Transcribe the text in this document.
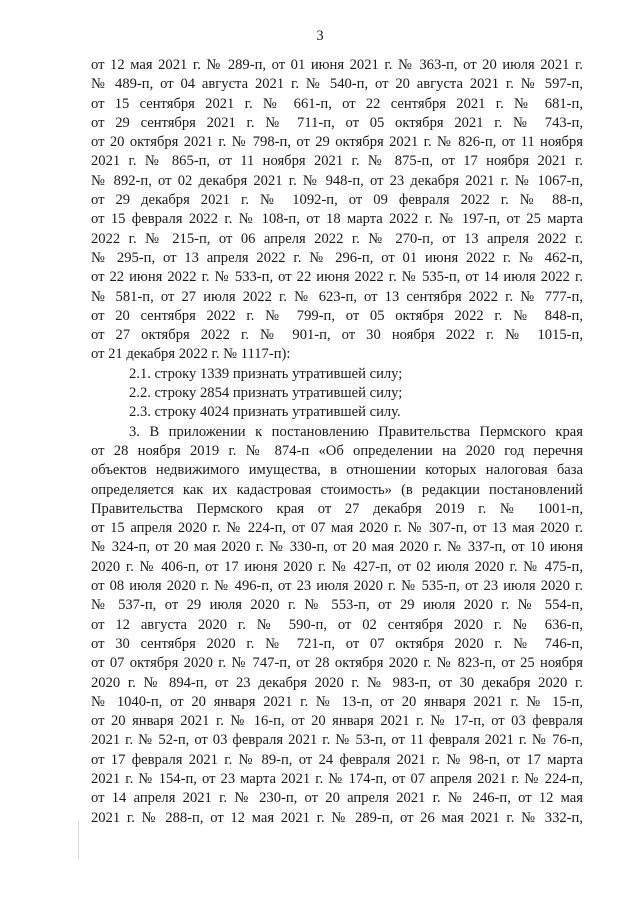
3
от 12 мая 2021 г. № 289-п, от 01 июня 2021 г. № 363-п, от 20 июля 2021 г.
№ 489-п, от 04 августа 2021 г. № 540-п, от 20 августа 2021 г. № 597-п,
от 15 сентября 2021 г. № 661-п, от 22 сентября 2021 г. № 681-п,
от 29 сентября 2021 г. № 711-п, от 05 октября 2021 г. № 743-п,
от 20 октября 2021 г. № 798-п, от 29 октября 2021 г. № 826-п, от 11 ноября
2021 г. № 865-п, от 11 ноября 2021 г. № 875-п, от 17 ноября 2021 г.
№ 892-п, от 02 декабря 2021 г. № 948-п, от 23 декабря 2021 г. № 1067-п,
от 29 декабря 2021 г. № 1092-п, от 09 февраля 2022 г. № 88-п,
от 15 февраля 2022 г. № 108-п, от 18 марта 2022 г. № 197-п, от 25 марта
2022 г. № 215-п, от 06 апреля 2022 г. № 270-п, от 13 апреля 2022 г.
№ 295-п, от 13 апреля 2022 г. № 296-п, от 01 июня 2022 г. № 462-п,
от 22 июня 2022 г. № 533-п, от 22 июня 2022 г. № 535-п, от 14 июля 2022 г.
№ 581-п, от 27 июля 2022 г. № 623-п, от 13 сентября 2022 г. № 777-п,
от 20 сентября 2022 г. № 799-п, от 05 октября 2022 г. № 848-п,
от 27 октября 2022 г. № 901-п, от 30 ноября 2022 г. № 1015-п,
от 21 декабря 2022 г. № 1117-п):
2.1. строку 1339 признать утратившей силу;
2.2. строку 2854 признать утратившей силу;
2.3. строку 4024 признать утратившей силу.
3. В приложении к постановлению Правительства Пермского края
от 28 ноября 2019 г. № 874-п «Об определении на 2020 год перечня
объектов недвижимого имущества, в отношении которых налоговая база
определяется как их кадастровая стоимость» (в редакции постановлений
Правительства Пермского края от 27 декабря 2019 г. № 1001-п,
от 15 апреля 2020 г. № 224-п, от 07 мая 2020 г. № 307-п, от 13 мая 2020 г.
№ 324-п, от 20 мая 2020 г. № 330-п, от 20 мая 2020 г. № 337-п, от 10 июня
2020 г. № 406-п, от 17 июня 2020 г. № 427-п, от 02 июля 2020 г. № 475-п,
от 08 июля 2020 г. № 496-п, от 23 июля 2020 г. № 535-п, от 23 июля 2020 г.
№ 537-п, от 29 июля 2020 г. № 553-п, от 29 июля 2020 г. № 554-п,
от 12 августа 2020 г. № 590-п, от 02 сентября 2020 г. № 636-п,
от 30 сентября 2020 г. № 721-п, от 07 октября 2020 г. № 746-п,
от 07 октября 2020 г. № 747-п, от 28 октября 2020 г. № 823-п, от 25 ноября
2020 г. № 894-п, от 23 декабря 2020 г. № 983-п, от 30 декабря 2020 г.
№ 1040-п, от 20 января 2021 г. № 13-п, от 20 января 2021 г. № 15-п,
от 20 января 2021 г. № 16-п, от 20 января 2021 г. № 17-п, от 03 февраля
2021 г. № 52-п, от 03 февраля 2021 г. № 53-п, от 11 февраля 2021 г. № 76-п,
от 17 февраля 2021 г. № 89-п, от 24 февраля 2021 г. № 98-п, от 17 марта
2021 г. № 154-п, от 23 марта 2021 г. № 174-п, от 07 апреля 2021 г. № 224-п,
от 14 апреля 2021 г. № 230-п, от 20 апреля 2021 г. № 246-п, от 12 мая
2021 г. № 288-п, от 12 мая 2021 г. № 289-п, от 26 мая 2021 г. № 332-п,
